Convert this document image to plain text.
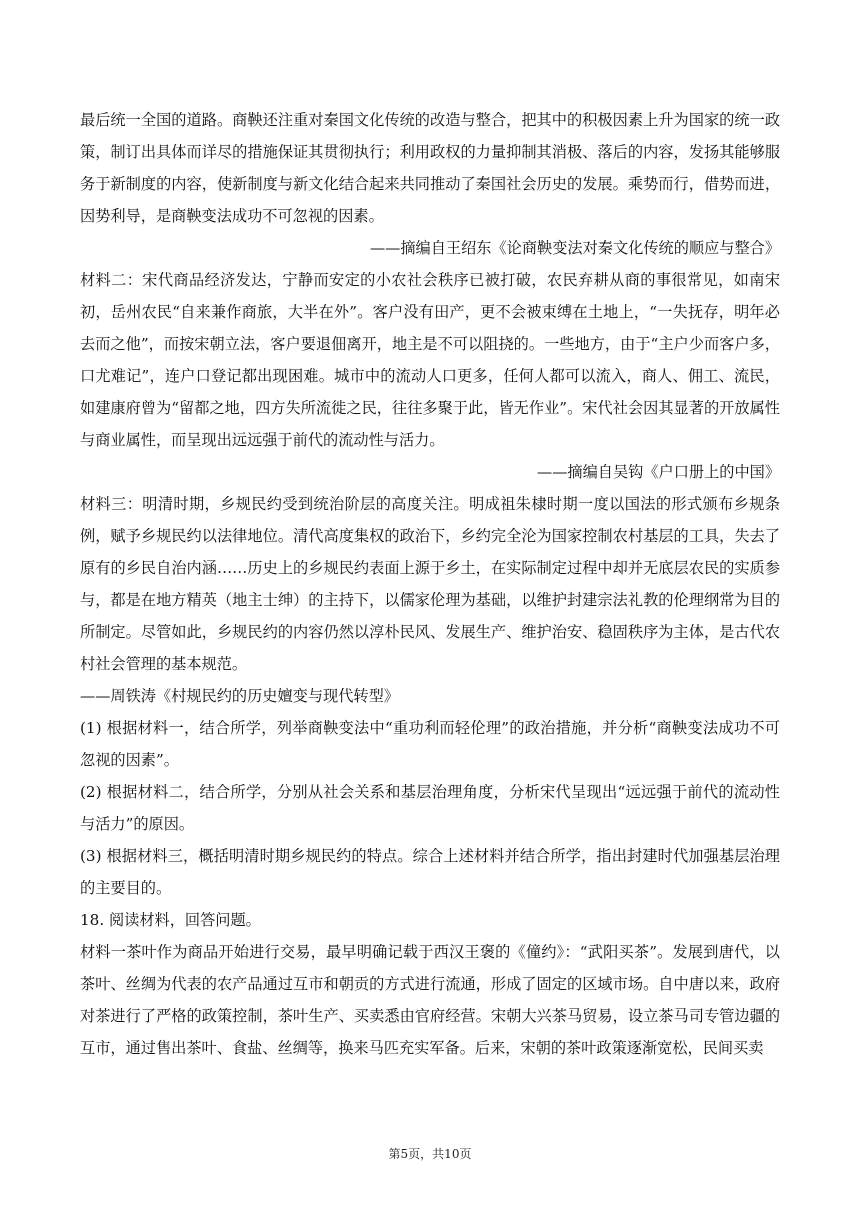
最后统一全国的道路。商鞅还注重对秦国文化传统的改造与整合，把其中的积极因素上升为国家的统一政策，制订出具体而详尽的措施保证其贯彻执行；利用政权的力量抑制其消极、落后的内容，发扬其能够服务于新制度的内容，使新制度与新文化结合起来共同推动了秦国社会历史的发展。乘势而行，借势而进，因势利导，是商鞅变法成功不可忽视的因素。

——摘编自王绍东《论商鞅变法对秦文化传统的顺应与整合》

材料二：宋代商品经济发达，宁静而安定的小农社会秩序已被打破，农民弃耕从商的事很常见，如南宋初，岳州农民“自来兼作商旅，大半在外”。客户没有田产，更不会被束缚在土地上，“一失抚存，明年必去而之他”，而按宋朝立法，客户要退佃离开，地主是不可以阻挠的。一些地方，由于“主户少而客户多，口尤难记”，连户口登记都出现困难。城市中的流动人口更多，任何人都可以流入，商人、佣工、流民，如建康府曾为“留都之地，四方失所流徙之民，往往多聚于此，皆无作业”。宋代社会因其显著的开放属性与商业属性，而呈现出远远强于前代的流动性与活力。

——摘编自吴钩《户口册上的中国》

材料三：明清时期，乡规民约受到统治阶层的高度关注。明成祖朱棣时期一度以国法的形式颁布乡规条例，赋予乡规民约以法律地位。清代高度集权的政治下，乡约完全沦为国家控制农村基层的工具，失去了原有的乡民自治内涵……历史上的乡规民约表面上源于乡土，在实际制定过程中却并无底层农民的实质参与，都是在地方精英（地主士绅）的主持下，以儒家伦理为基础，以维护封建宗法礼教的伦理纲常为目的所制定。尽管如此，乡规民约的内容仍然以淳朴民风、发展生产、维护治安、稳固秩序为主体，是古代农村社会管理的基本规范。

——周铁涛《村规民约的历史嬗变与现代转型》

(1) 根据材料一，结合所学，列举商鞅变法中“重功利而轻伦理”的政治措施，并分析“商鞅变法成功不可忽视的因素”。

(2) 根据材料二，结合所学，分别从社会关系和基层治理角度，分析宋代呈现出“远远强于前代的流动性与活力”的原因。

(3) 根据材料三，概括明清时期乡规民约的特点。综合上述材料并结合所学，指出封建时代加强基层治理的主要目的。

18. 阅读材料，回答问题。

材料一茶叶作为商品开始进行交易，最早明确记载于西汉王褒的《僮约》：“武阳买茶”。发展到唐代，以茶叶、丝绸为代表的农产品通过互市和朝贡的方式进行流通，形成了固定的区域市场。自中唐以来，政府对茶进行了严格的政策控制，茶叶生产、买卖悉由官府经营。宋朝大兴茶马贸易，设立茶马司专管边疆的互市，通过售出茶叶、食盐、丝绸等，换来马匹充实军备。后来，宋朝的茶叶政策逐渐宽松，民间买卖

第5页，共10页
